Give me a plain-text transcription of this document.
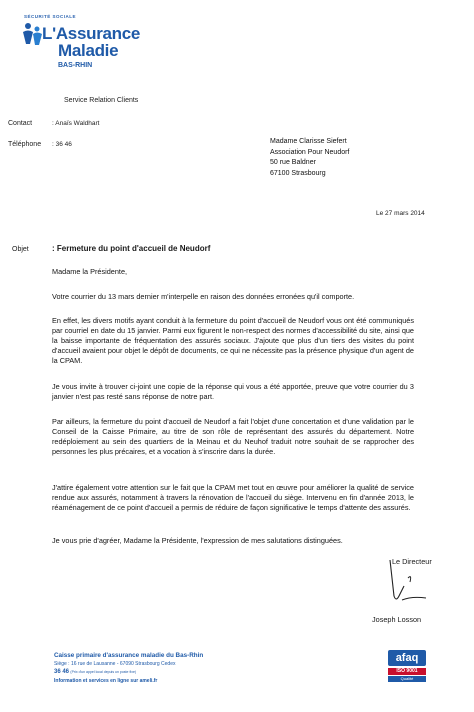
SÉCURITÉ SOCIALE
L'Assurance
Maladie
BAS-RHIN
Service Relation Clients
Contact	: Anaïs Waldhart
Téléphone : 36 46	Madame Clarisse Siefert
Association Pour Neudorf
50 rue Baldner
67100 Strasbourg
Le 27 mars 2014
Objet	: Fermeture du point d'accueil de Neudorf
Madame la Présidente,
Votre courrier du 13 mars dernier m'interpelle en raison des données erronées qu'il comporte.
En effet, les divers motifs ayant conduit à la fermeture du point d'accueil de Neudorf vous ont été communiqués par courriel en date du 15 janvier. Parmi eux figurent le non-respect des normes d'accessibilité du site, ainsi que la baisse importante de fréquentation des assurés sociaux. J'ajoute que plus d'un tiers des visites du point d'accueil avaient pour objet le dépôt de documents, ce qui ne nécessite pas la présence physique d'un agent de la CPAM.
Je vous invite à trouver ci-joint une copie de la réponse qui vous a été apportée, preuve que votre courrier du 3 janvier n'est pas resté sans réponse de notre part.
Par ailleurs, la fermeture du point d'accueil de Neudorf a fait l'objet d'une concertation et d'une validation par le Conseil de la Caisse Primaire, au titre de son rôle de représentant des assurés du département. Notre redéploiement au sein des quartiers de la Meinau et du Neuhof traduit notre souhait de se rapprocher des personnes les plus précaires, et a vocation à s'inscrire dans la durée.
J'attire également votre attention sur le fait que la CPAM met tout en œuvre pour améliorer la qualité de service rendue aux assurés, notamment à travers la rénovation de l'accueil du siège. Intervenu en fin d'année 2013, le réaménagement de ce point d'accueil a permis de réduire de façon significative le temps d'attente des assurés.
Je vous prie d'agréer, Madame la Présidente, l'expression de mes salutations distinguées.
Le Directeur
Joseph Losson
Caisse primaire d'assurance maladie du Bas-Rhin
Siège : 16 rue de Lausanne - 67090 Strasbourg Cedex
36 46 (Prix d'un appel local depuis un poste fixe)
Information et services en ligne sur ameli.fr
afaq
ISO 9001
Qualité
